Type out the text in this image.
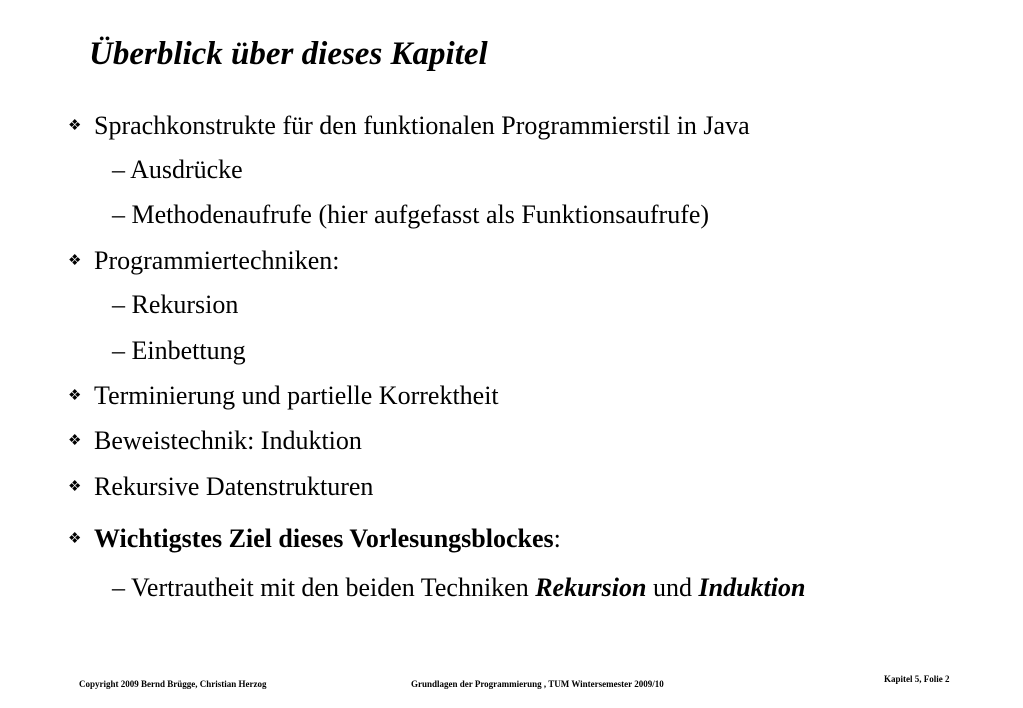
Überblick über dieses Kapitel
❖ Sprachkonstrukte für den funktionalen Programmierstil in Java
– Ausdrücke
– Methodenaufrufe (hier aufgefasst als Funktionsaufrufe)
❖ Programmiertechniken:
– Rekursion
– Einbettung
❖ Terminierung und partielle Korrektheit
❖ Beweistechnik: Induktion
❖ Rekursive Datenstrukturen
❖ Wichtigstes Ziel dieses Vorlesungsblockes:
– Vertrautheit mit den beiden Techniken Rekursion und Induktion
Copyright 2009 Bernd Brügge, Christian Herzog	Grundlagen der Programmierung , TUM Wintersemester 2009/10	Kapitel 5, Folie 2
